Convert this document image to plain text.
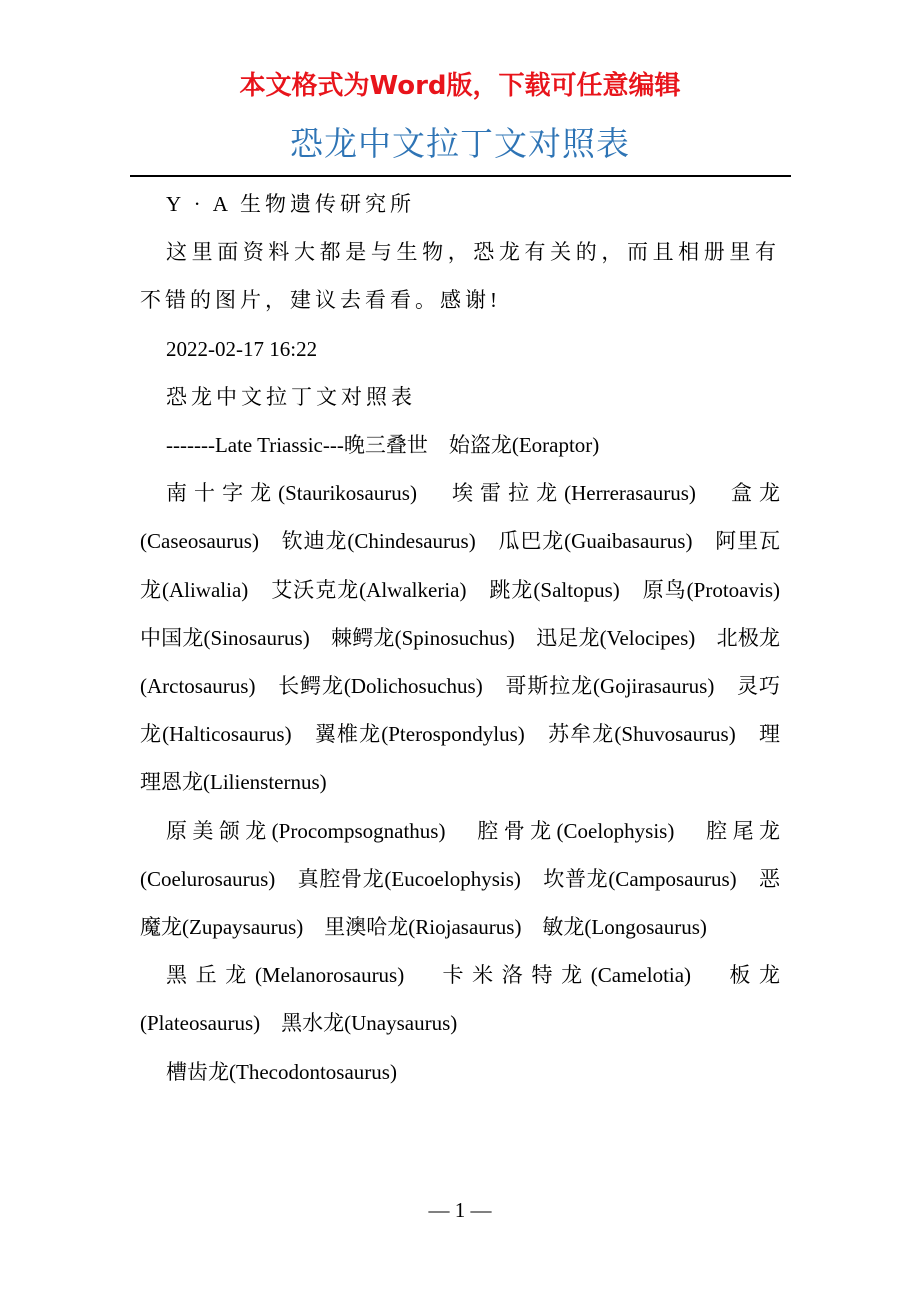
本文格式为Word版，下载可任意编辑
恐龙中文拉丁文对照表

Y · A 生物遗传研究所

这里面资料大都是与生物，恐龙有关的，而且相册里有不错的图片，建议去看看。感谢!

2022-02-17 16:22

恐龙中文拉丁文对照表

-------Late Triassic---晚三叠世　始盗龙(Eoraptor)

南十字龙(Staurikosaurus)　埃雷拉龙(Herrerasaurus)　盒龙(Caseosaurus)　钦迪龙(Chindesaurus)　瓜巴龙(Guaibasaurus)　阿里瓦龙(Aliwalia)　艾沃克龙(Alwalkeria)　跳龙(Saltopus)　原鸟(Protoavis)　中国龙(Sinosaurus)　棘鳄龙(Spinosuchus)　迅足龙(Velocipes)　北极龙(Arctosaurus)　长鳄龙(Dolichosuchus)　哥斯拉龙(Gojirasaurus)　灵巧龙(Halticosaurus)　翼椎龙(Pterospondylus)　苏牟龙(Shuvosaurus)　理理恩龙(Liliensternus)

原美颌龙(Procompsognathus)　腔骨龙(Coelophysis)　腔尾龙(Coelurosaurus)　真腔骨龙(Eucoelophysis)　坎普龙(Camposaurus)　恶魔龙(Zupaysaurus)　里澳哈龙(Riojasaurus)　敏龙(Longosaurus)

黑丘龙(Melanorosaurus)　卡米洛特龙(Camelotia)　板龙(Plateosaurus)　黑水龙(Unaysaurus)

槽齿龙(Thecodontosaurus)

— 1 —
